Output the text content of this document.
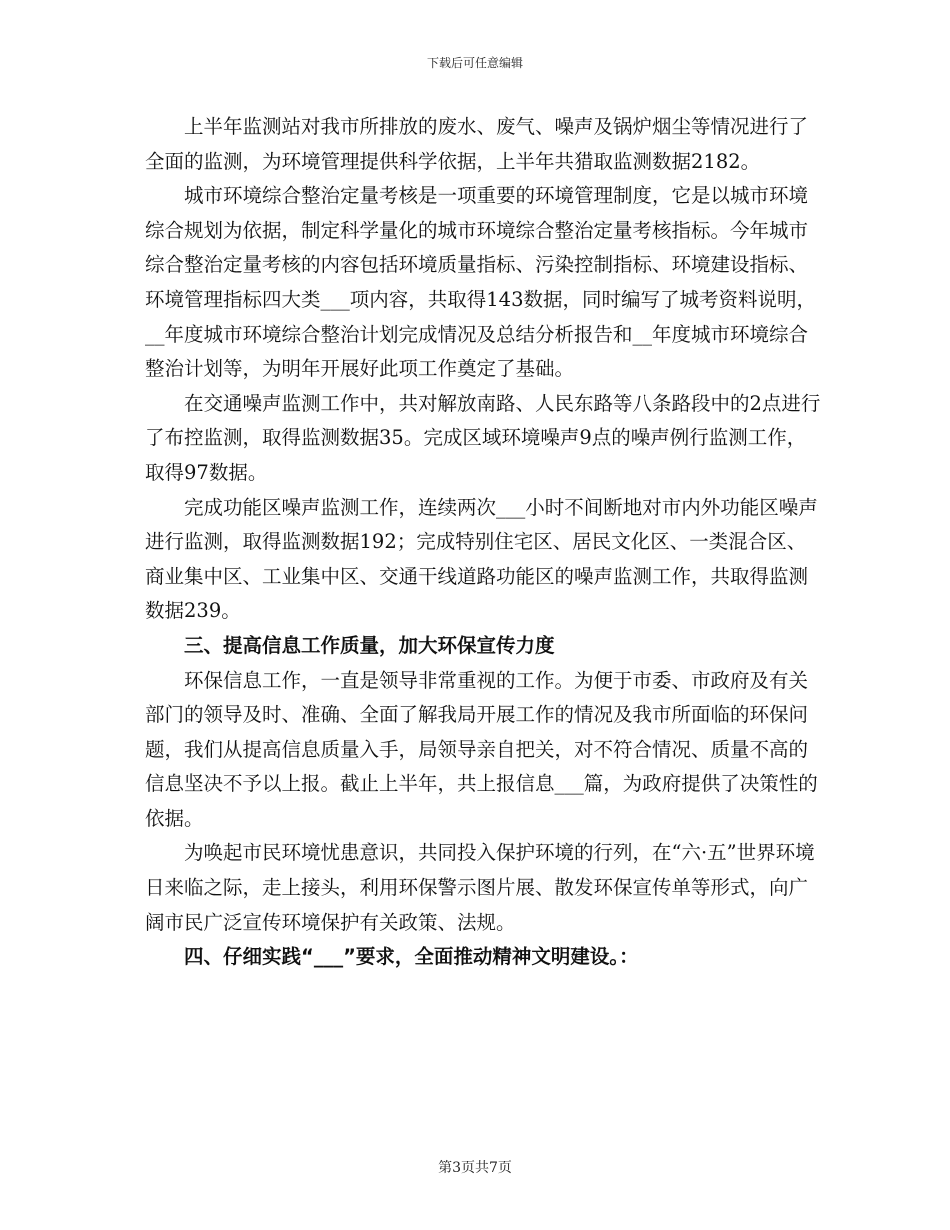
下载后可任意编辑

上半年监测站对我市所排放的废水、废气、噪声及锅炉烟尘等情况进行了全面的监测，为环境管理提供科学依据，上半年共猎取监测数据2182。

城市环境综合整治定量考核是一项重要的环境管理制度，它是以城市环境综合规划为依据，制定科学量化的城市环境综合整治定量考核指标。今年城市综合整治定量考核的内容包括环境质量指标、污染控制指标、环境建设指标、环境管理指标四大类___项内容，共取得143数据，同时编写了城考资料说明，__年度城市环境综合整治计划完成情况及总结分析报告和__年度城市环境综合整治计划等，为明年开展好此项工作奠定了基础。

在交通噪声监测工作中，共对解放南路、人民东路等八条路段中的2点进行了布控监测，取得监测数据35。完成区域环境噪声9点的噪声例行监测工作，取得97数据。

完成功能区噪声监测工作，连续两次___小时不间断地对市内外功能区噪声进行监测，取得监测数据192；完成特别住宅区、居民文化区、一类混合区、商业集中区、工业集中区、交通干线道路功能区的噪声监测工作，共取得监测数据239。

三、提高信息工作质量，加大环保宣传力度

环保信息工作，一直是领导非常重视的工作。为便于市委、市政府及有关部门的领导及时、准确、全面了解我局开展工作的情况及我市所面临的环保问题，我们从提高信息质量入手，局领导亲自把关，对不符合情况、质量不高的信息坚决不予以上报。截止上半年，共上报信息___篇，为政府提供了决策性的依据。

为唤起市民环境忧患意识，共同投入保护环境的行列，在“六·五”世界环境日来临之际，走上接头，利用环保警示图片展、散发环保宣传单等形式，向广阔市民广泛宣传环境保护有关政策、法规。

四、仔细实践“___”要求，全面推动精神文明建设。：

第3页共7页
